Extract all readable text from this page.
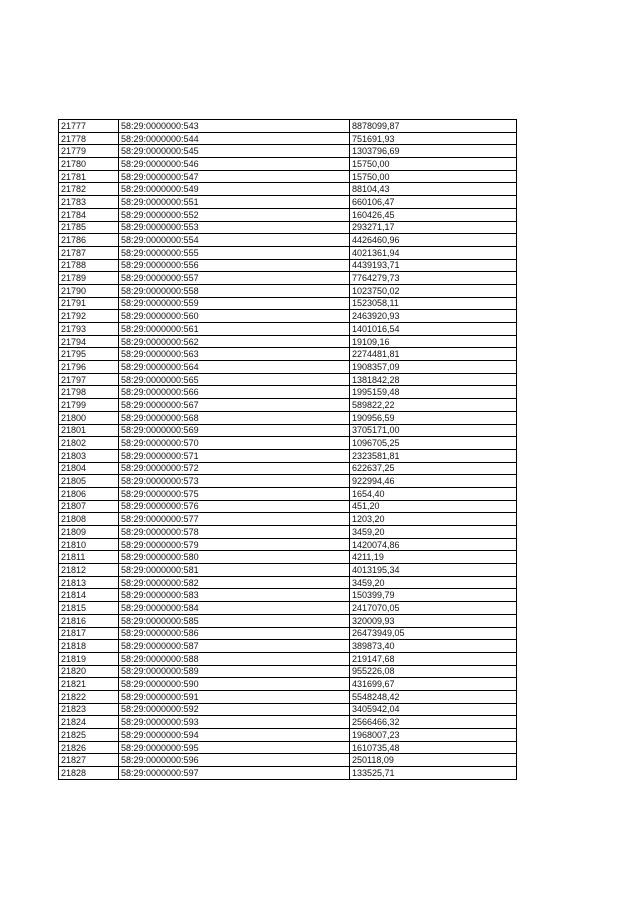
21777	58:29:0000000:543	8878099,87
21778	58:29:0000000:544	751691,93
21779	58:29:0000000:545	1303796,69
21780	58:29:0000000:546	15750,00
21781	58:29:0000000:547	15750,00
21782	58:29:0000000:549	88104,43
21783	58:29:0000000:551	660106,47
21784	58:29:0000000:552	160426,45
21785	58:29:0000000:553	293271,17
21786	58:29:0000000:554	4426460,96
21787	58:29:0000000:555	4021361,94
21788	58:29:0000000:556	4439193,71
21789	58:29:0000000:557	7764279,73
21790	58:29:0000000:558	1023750,02
21791	58:29:0000000:559	1523058,11
21792	58:29:0000000:560	2463920,93
21793	58:29:0000000:561	1401016,54
21794	58:29:0000000:562	19109,16
21795	58:29:0000000:563	2274481,81
21796	58:29:0000000:564	1908357,09
21797	58:29:0000000:565	1381842,28
21798	58:29:0000000:566	1995159,48
21799	58:29:0000000:567	589822,22
21800	58:29:0000000:568	190956,59
21801	58:29:0000000:569	3705171,00
21802	58:29:0000000:570	1096705,25
21803	58:29:0000000:571	2323581,81
21804	58:29:0000000:572	622637,25
21805	58:29:0000000:573	922994,46
21806	58:29:0000000:575	1654,40
21807	58:29:0000000:576	451,20
21808	58:29:0000000:577	1203,20
21809	58:29:0000000:578	3459,20
21810	58:29:0000000:579	1420074,86
21811	58:29:0000000:580	4211,19
21812	58:29:0000000:581	4013195,34
21813	58:29:0000000:582	3459,20
21814	58:29:0000000:583	150399,79
21815	58:29:0000000:584	2417070,05
21816	58:29:0000000:585	320009,93
21817	58:29:0000000:586	26473949,05
21818	58:29:0000000:587	389873,40
21819	58:29:0000000:588	219147,68
21820	58:29:0000000:589	955226,08
21821	58:29:0000000:590	431699,67
21822	58:29:0000000:591	5548248,42
21823	58:29:0000000:592	3405942,04
21824	58:29:0000000:593	2566466,32
21825	58:29:0000000:594	1968007,23
21826	58:29:0000000:595	1610735,48
21827	58:29:0000000:596	250118,09
21828	58:29:0000000:597	133525,71
